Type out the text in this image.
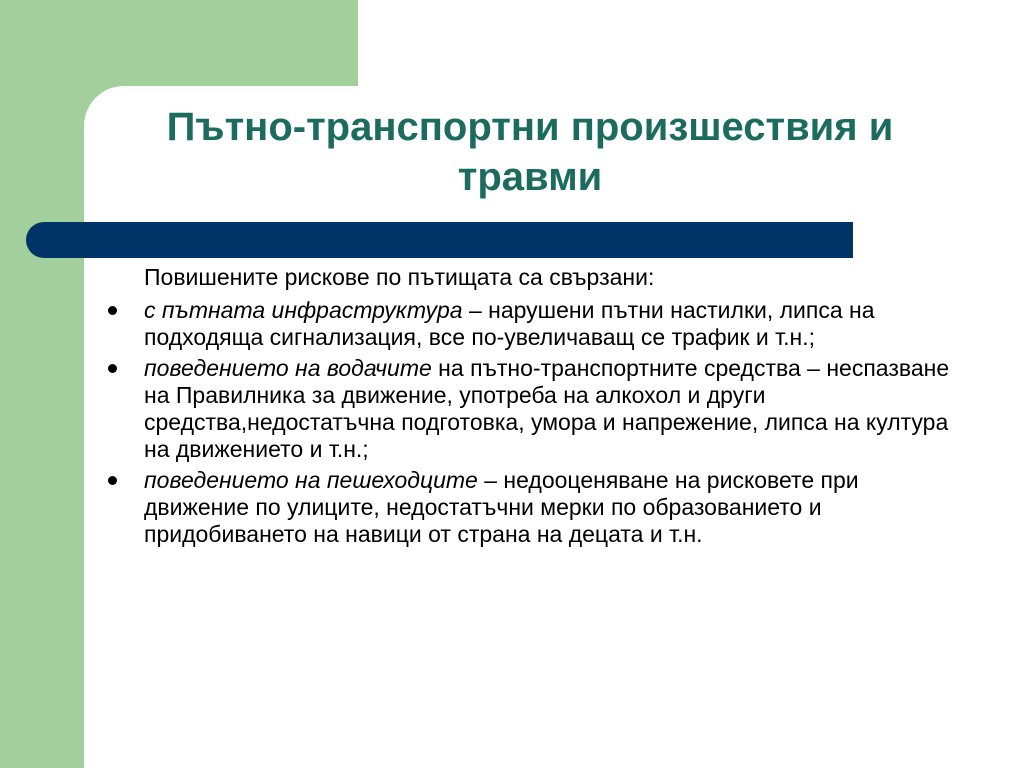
Пътно-транспортни произшествия и травми

Повишените рискове по пътищата са свързани:

с пътната инфраструктура – нарушени пътни настилки, липса на подходяща сигнализация, все по-увеличаващ се трафик и т.н.;

поведението на водачите на пътно-транспортните средства – неспазване на Правилника за движение, употреба на алкохол и други средства,недостатъчна подготовка, умора и напрежение, липса на култура на движението и т.н.;

поведението на пешеходците – недооценяване на рисковете при движение по улиците, недостатъчни мерки по образованието и придобиването на навици от страна на децата и т.н.
